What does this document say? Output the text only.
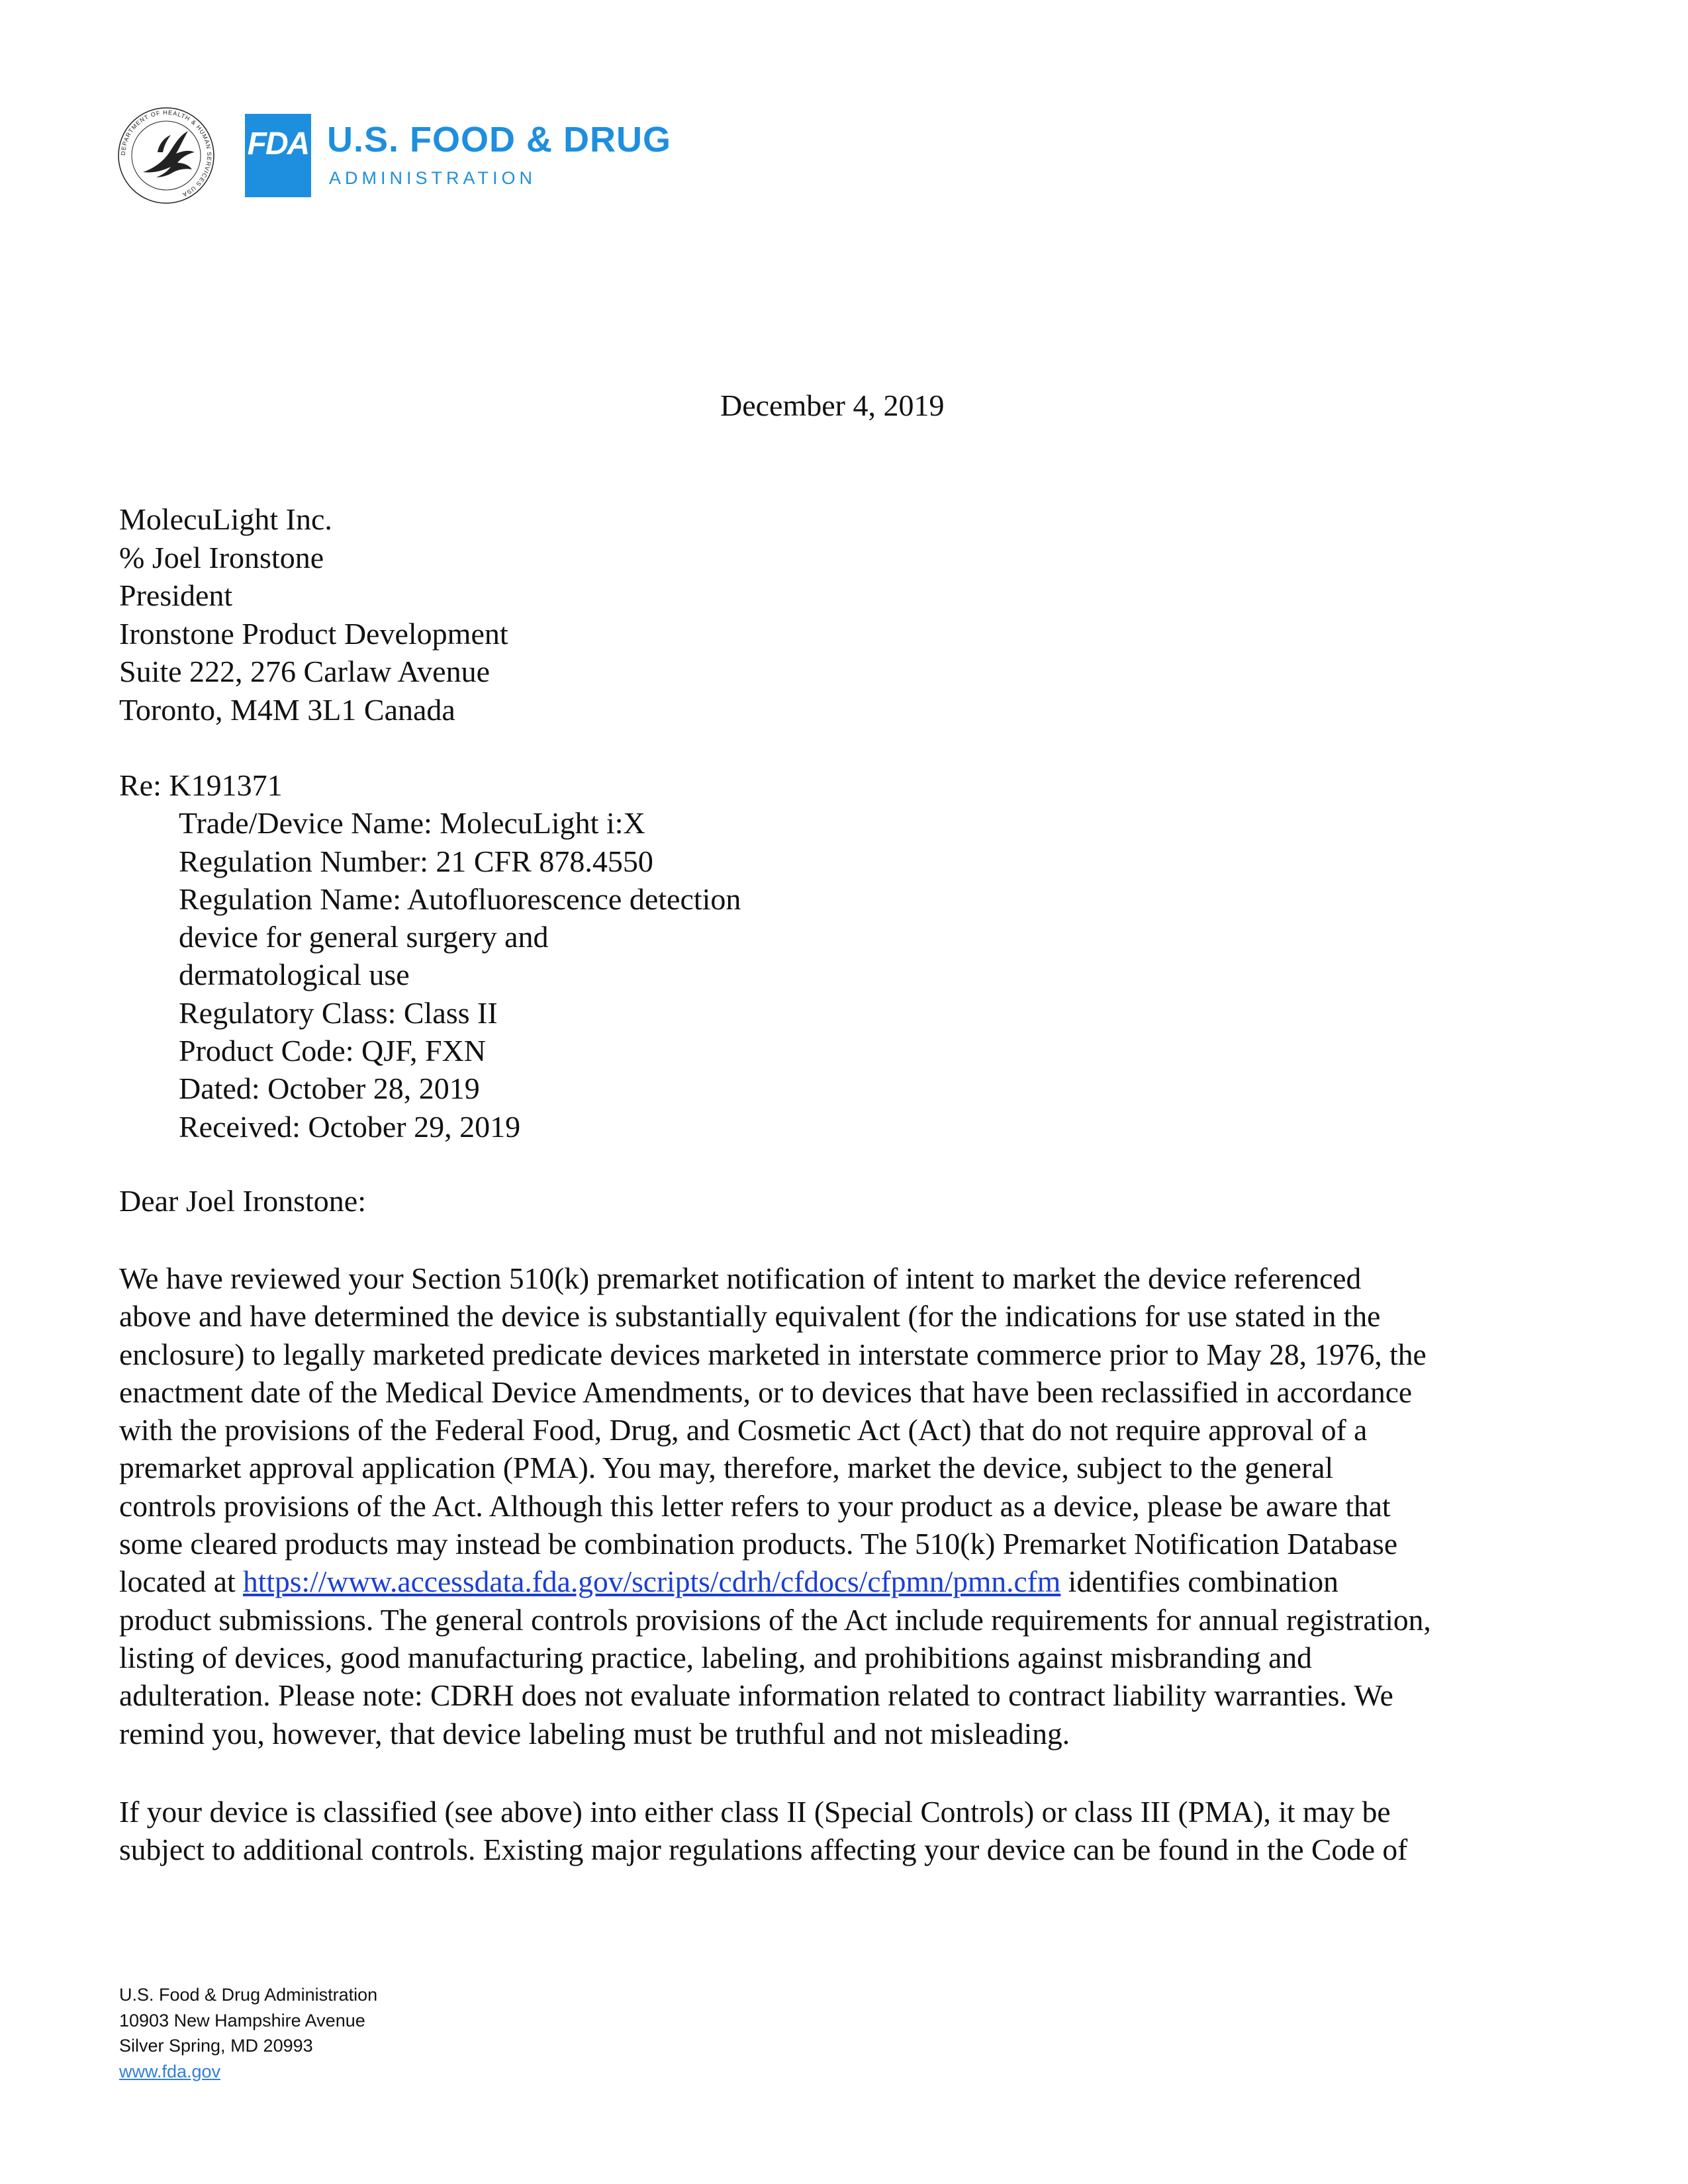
DEPARTMENT OF HEALTH & HUMAN SERVICES USA
FDA U.S. FOOD & DRUG
ADMINISTRATION
December 4, 2019
MolecuLight Inc.
% Joel Ironstone
President
Ironstone Product Development
Suite 222, 276 Carlaw Avenue
Toronto, M4M 3L1 Canada
Re: K191371
Trade/Device Name: MolecuLight i:X
Regulation Number: 21 CFR 878.4550
Regulation Name: Autofluorescence detection
device for general surgery and
dermatological use
Regulatory Class: Class II
Product Code: QJF, FXN
Dated: October 28, 2019
Received: October 29, 2019
Dear Joel Ironstone:
We have reviewed your Section 510(k) premarket notification of intent to market the device referenced
above and have determined the device is substantially equivalent (for the indications for use stated in the
enclosure) to legally marketed predicate devices marketed in interstate commerce prior to May 28, 1976, the
enactment date of the Medical Device Amendments, or to devices that have been reclassified in accordance
with the provisions of the Federal Food, Drug, and Cosmetic Act (Act) that do not require approval of a
premarket approval application (PMA). You may, therefore, market the device, subject to the general
controls provisions of the Act. Although this letter refers to your product as a device, please be aware that
some cleared products may instead be combination products. The 510(k) Premarket Notification Database
located at https://www.accessdata.fda.gov/scripts/cdrh/cfdocs/cfpmn/pmn.cfm identifies combination
product submissions. The general controls provisions of the Act include requirements for annual registration,
listing of devices, good manufacturing practice, labeling, and prohibitions against misbranding and
adulteration. Please note: CDRH does not evaluate information related to contract liability warranties. We
remind you, however, that device labeling must be truthful and not misleading.
If your device is classified (see above) into either class II (Special Controls) or class III (PMA), it may be
subject to additional controls. Existing major regulations affecting your device can be found in the Code of
U.S. Food & Drug Administration
10903 New Hampshire Avenue
Silver Spring, MD 20993
www.fda.gov
